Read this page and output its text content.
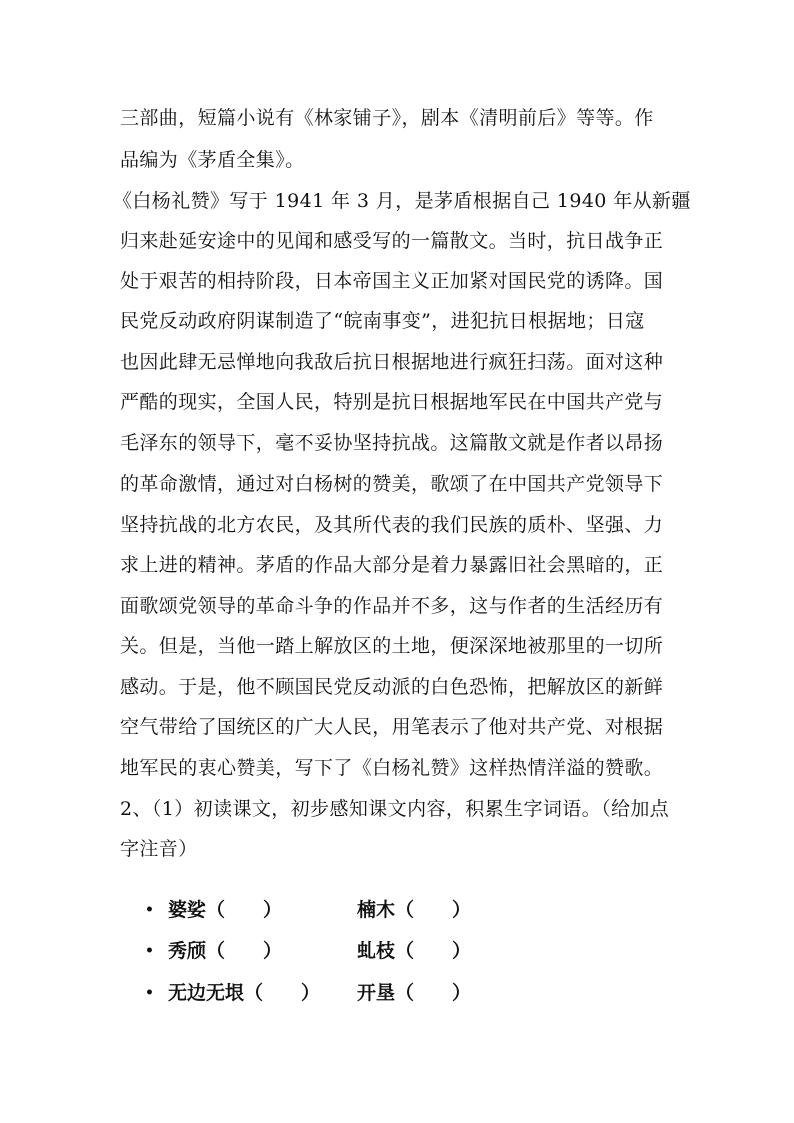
三部曲，短篇小说有《林家铺子》，剧本《清明前后》等等。作
品编为《茅盾全集》。
《白杨礼赞》写于 1941 年 3 月，是茅盾根据自己 1940 年从新疆
归来赴延安途中的见闻和感受写的一篇散文。当时，抗日战争正
处于艰苦的相持阶段，日本帝国主义正加紧对国民党的诱降。国
民党反动政府阴谋制造了“皖南事变”，进犯抗日根据地；日寇
也因此肆无忌惮地向我敌后抗日根据地进行疯狂扫荡。面对这种
严酷的现实，全国人民，特别是抗日根据地军民在中国共产党与
毛泽东的领导下，毫不妥协坚持抗战。这篇散文就是作者以昂扬
的革命激情，通过对白杨树的赞美，歌颂了在中国共产党领导下
坚持抗战的北方农民，及其所代表的我们民族的质朴、坚强、力
求上进的精神。茅盾的作品大部分是着力暴露旧社会黑暗的，正
面歌颂党领导的革命斗争的作品并不多，这与作者的生活经历有
关。但是，当他一踏上解放区的土地，便深深地被那里的一切所
感动。于是，他不顾国民党反动派的白色恐怖，把解放区的新鲜
空气带给了国统区的广大人民，用笔表示了他对共产党、对根据
地军民的衷心赞美，写下了《白杨礼赞》这样热情洋溢的赞歌。
2、（1）初读课文，初步感知课文内容，积累生字词语。（给加点
字注音）
• 婆娑（　　）	楠木（　　）
• 秀颀（　　）	虬枝（　　）
• 无边无垠（　　） 开垦（　　）
